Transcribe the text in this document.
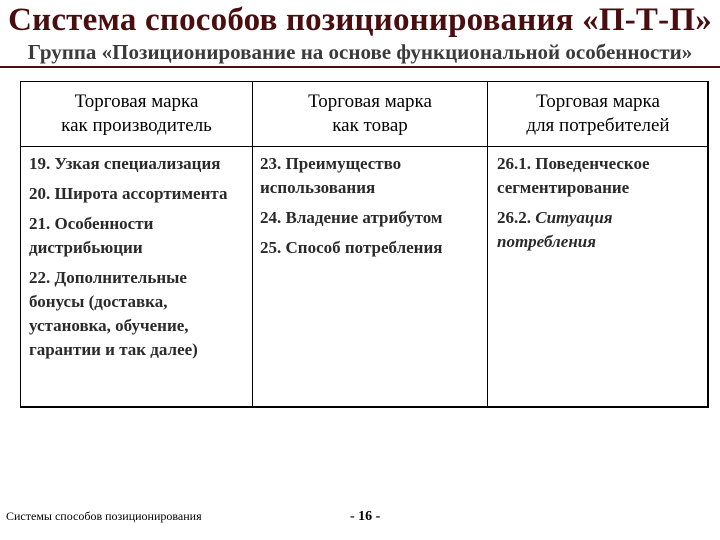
Система способов позиционирования «П-Т-П»
Группа «Позиционирование на основе функциональной особенности»
Торговая марка
как производитель
Торговая марка
как товар
Торговая марка
для потребителей

19. Узкая специализация

20. Широта ассортимента

21. Особенности дистрибьюции

22. Дополнительные бонусы (доставка, установка, обучение, гарантии и так далее)

23. Преимущество использования

24. Владение атрибутом

25. Способ потребления

26.1. Поведенческое сегментирование

26.2. Ситуация потребления

Системы способов позиционирования	- 16 -
